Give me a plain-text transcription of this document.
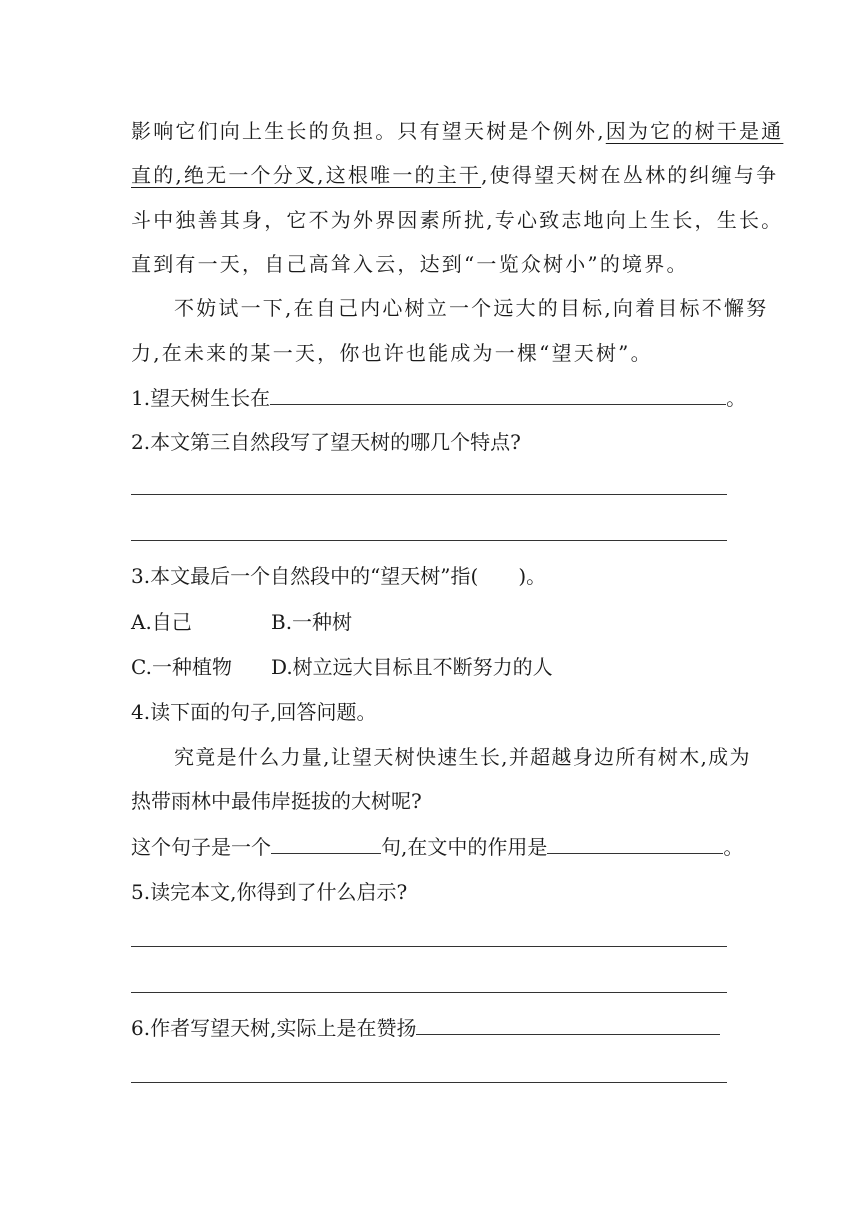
影响它们向上生长的负担。只有望天树是个例外,因为它的树干是通
直的,绝无一个分叉,这根唯一的主干,使得望天树在丛林的纠缠与争
斗中独善其身，它不为外界因素所扰,专心致志地向上生长，生长。
直到有一天，自己高耸入云，达到“一览众树小”的境界。
不妨试一下,在自己内心树立一个远大的目标,向着目标不懈努
力,在未来的某一天，你也许也能成为一棵“望天树”。
1.望天树生长在	。
2.本文第三自然段写了望天树的哪几个特点?
3.本文最后一个自然段中的“望天树”指(　　)。
A.自己	B.一种树
C.一种植物 D.树立远大目标且不断努力的人
4.读下面的句子,回答问题。
究竟是什么力量,让望天树快速生长,并超越身边所有树木,成为
热带雨林中最伟岸挺拔的大树呢?
这个句子是一个	句,在文中的作用是	。
5.读完本文,你得到了什么启示?
6.作者写望天树,实际上是在赞扬
